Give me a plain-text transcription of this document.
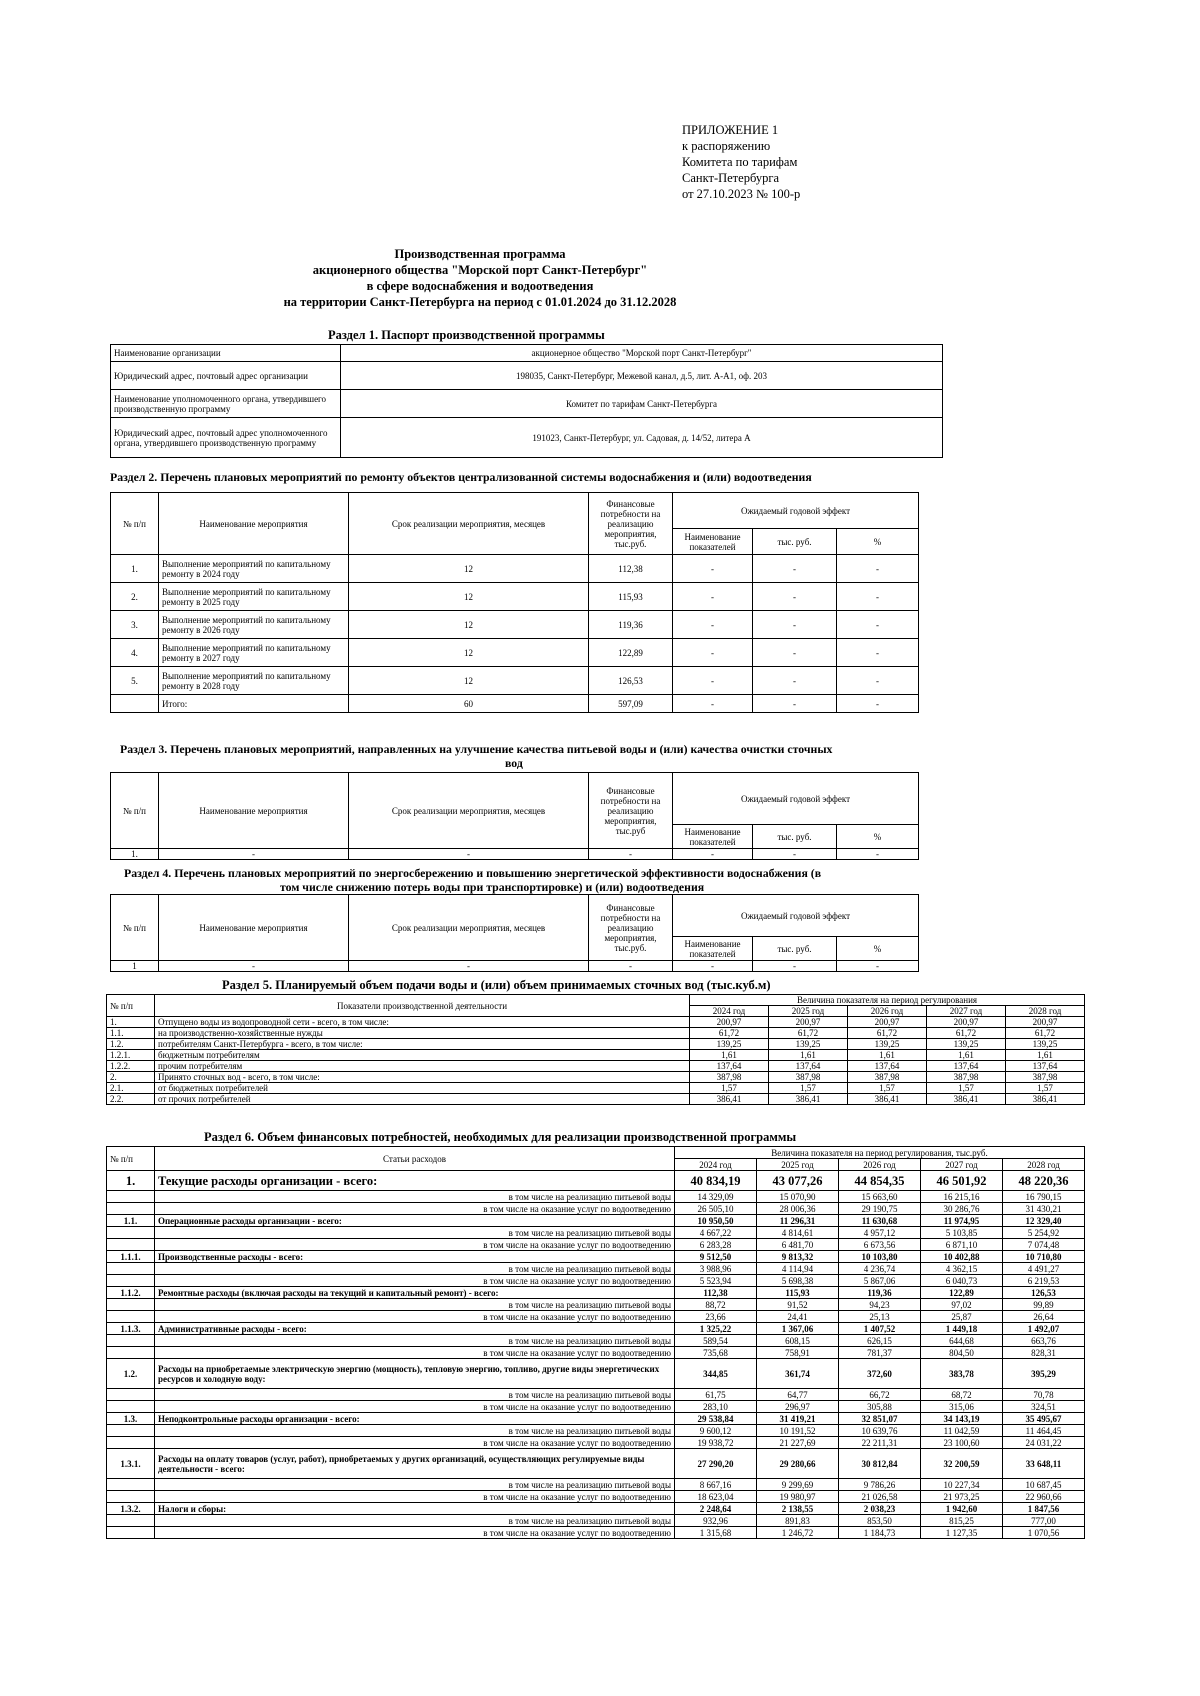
ПРИЛОЖЕНИЕ 1
к распоряжению
Комитета по тарифам
Санкт-Петербурга
от 27.10.2023 № 100-р
Производственная программа
акционерного общества "Морской порт Санкт-Петербург"
в сфере водоснабжения и водоотведения
на территории Санкт-Петербурга на период с 01.01.2024 до 31.12.2028
Раздел 1. Паспорт производственной программы
Наименование организации	акционерное общество "Морской порт Санкт-Петербург"
Юридический адрес, почтовый адрес организации	198035, Санкт-Петербург, Межевой канал, д.5, лит. А-А1, оф. 203
Наименование уполномоченного органа, утвердившего производственную программу	Комитет по тарифам Санкт-Петербурга
Юридический адрес, почтовый адрес уполномоченного органа, утвердившего производственную программу	191023, Санкт-Петербург, ул. Садовая, д. 14/52, литера А
Раздел 2. Перечень плановых мероприятий по ремонту объектов централизованной системы водоснабжения и (или) водоотведения
№ п/п	Наименование мероприятия	Срок реализации мероприятия, месяцев	Финансовые потребности на реализацию мероприятия, тыс.руб.	Ожидаемый годовой эффект		
				Наименование показателей	тыс. руб.	%
1.	Выполнение мероприятий по капитальному ремонту в 2024 году	12	112,38	-	-	-
2.	Выполнение мероприятий по капитальному ремонту в 2025 году	12	115,93	-	-	-
3.	Выполнение мероприятий по капитальному ремонту в 2026 году	12	119,36	-	-	-
4.	Выполнение мероприятий по капитальному ремонту в 2027 году	12	122,89	-	-	-
5.	Выполнение мероприятий по капитальному ремонту в 2028 году	12	126,53	-	-	-
	Итого:	60	597,09	-	-	-
Раздел 3. Перечень плановых мероприятий, направленных на улучшение качества питьевой воды и (или) качества очистки сточных
вод
№ п/п	Наименование мероприятия	Срок реализации мероприятия, месяцев	Финансовые потребности на реализацию мероприятия, тыс.руб	Ожидаемый годовой эффект		
				Наименование показателей	тыс. руб.	%
1.	-	-	-	-	-	-
Раздел 4. Перечень плановых мероприятий по энергосбережению и повышению энергетической эффективности водоснабжения (в
том числе снижению потерь воды при транспортировке) и (или) водоотведения
№ п/п	Наименование мероприятия	Срок реализации мероприятия, месяцев	Финансовые потребности на реализацию мероприятия, тыс.руб.	Ожидаемый годовой эффект		
				Наименование показателей	тыс. руб.	%
1	-	-	-	-	-	-
Раздел 5. Планируемый объем подачи воды и (или) объем принимаемых сточных вод (тыс.куб.м)
№ п/п	Показатели производственной деятельности	Величина показателя на период регулирования				
		2024 год	2025 год	2026 год	2027 год	2028 год
1.	Отпущено воды из водопроводной сети - всего, в том числе:	200,97	200,97	200,97	200,97	200,97
1.1.	на производственно-хозяйственные нужды	61,72	61,72	61,72	61,72	61,72
1.2.	потребителям Санкт-Петербурга - всего, в том числе:	139,25	139,25	139,25	139,25	139,25
1.2.1.	бюджетным потребителям	1,61	1,61	1,61	1,61	1,61
1.2.2.	прочим потребителям	137,64	137,64	137,64	137,64	137,64
2.	Принято сточных вод - всего, в том числе:	387,98	387,98	387,98	387,98	387,98
2.1.	от бюджетных потребителей	1,57	1,57	1,57	1,57	1,57
2.2.	от прочих потребителей	386,41	386,41	386,41	386,41	386,41
Раздел 6. Объем финансовых потребностей, необходимых для реализации производственной программы
№ п/п	Статьи расходов	Величина показателя на период регулирования, тыс.руб.				
		2024 год	2025 год	2026 год	2027 год	2028 год
1.	Текущие расходы организации - всего:	40 834,19	43 077,26	44 854,35	46 501,92	48 220,36
	в том числе на реализацию питьевой воды	14 329,09	15 070,90	15 663,60	16 215,16	16 790,15
	в том числе на оказание услуг по водоотведению	26 505,10	28 006,36	29 190,75	30 286,76	31 430,21
1.1.	Операционные расходы организации - всего:	10 950,50	11 296,31	11 630,68	11 974,95	12 329,40
	в том числе на реализацию питьевой воды	4 667,22	4 814,61	4 957,12	5 103,85	5 254,92
	в том числе на оказание услуг по водоотведению	6 283,28	6 481,70	6 673,56	6 871,10	7 074,48
1.1.1.	Производственные расходы - всего:	9 512,50	9 813,32	10 103,80	10 402,88	10 710,80
	в том числе на реализацию питьевой воды	3 988,96	4 114,94	4 236,74	4 362,15	4 491,27
	в том числе на оказание услуг по водоотведению	5 523,94	5 698,38	5 867,06	6 040,73	6 219,53
1.1.2.	Ремонтные расходы (включая расходы на текущий и капитальный ремонт) - всего:	112,38	115,93	119,36	122,89	126,53
	в том числе на реализацию питьевой воды	88,72	91,52	94,23	97,02	99,89
	в том числе на оказание услуг по водоотведению	23,66	24,41	25,13	25,87	26,64
1.1.3.	Административные расходы - всего:	1 325,22	1 367,06	1 407,52	1 449,18	1 492,07
	в том числе на реализацию питьевой воды	589,54	608,15	626,15	644,68	663,76
	в том числе на оказание услуг по водоотведению	735,68	758,91	781,37	804,50	828,31
1.2.	Расходы на приобретаемые электрическую энергию (мощность), тепловую энергию, топливо, другие виды энергетических ресурсов и холодную воду:	344,85	361,74	372,60	383,78	395,29
	в том числе на реализацию питьевой воды	61,75	64,77	66,72	68,72	70,78
	в том числе на оказание услуг по водоотведению	283,10	296,97	305,88	315,06	324,51
1.3.	Неподконтрольные расходы организации - всего:	29 538,84	31 419,21	32 851,07	34 143,19	35 495,67
	в том числе на реализацию питьевой воды	9 600,12	10 191,52	10 639,76	11 042,59	11 464,45
	в том числе на оказание услуг по водоотведению	19 938,72	21 227,69	22 211,31	23 100,60	24 031,22
1.3.1.	Расходы на оплату товаров (услуг, работ), приобретаемых у других организаций, осуществляющих регулируемые виды деятельности - всего:	27 290,20	29 280,66	30 812,84	32 200,59	33 648,11
	в том числе на реализацию питьевой воды	8 667,16	9 299,69	9 786,26	10 227,34	10 687,45
	в том числе на оказание услуг по водоотведению	18 623,04	19 980,97	21 026,58	21 973,25	22 960,66
1.3.2.	Налоги и сборы:	2 248,64	2 138,55	2 038,23	1 942,60	1 847,56
	в том числе на реализацию питьевой воды	932,96	891,83	853,50	815,25	777,00
	в том числе на оказание услуг по водоотведению	1 315,68	1 246,72	1 184,73	1 127,35	1 070,56
